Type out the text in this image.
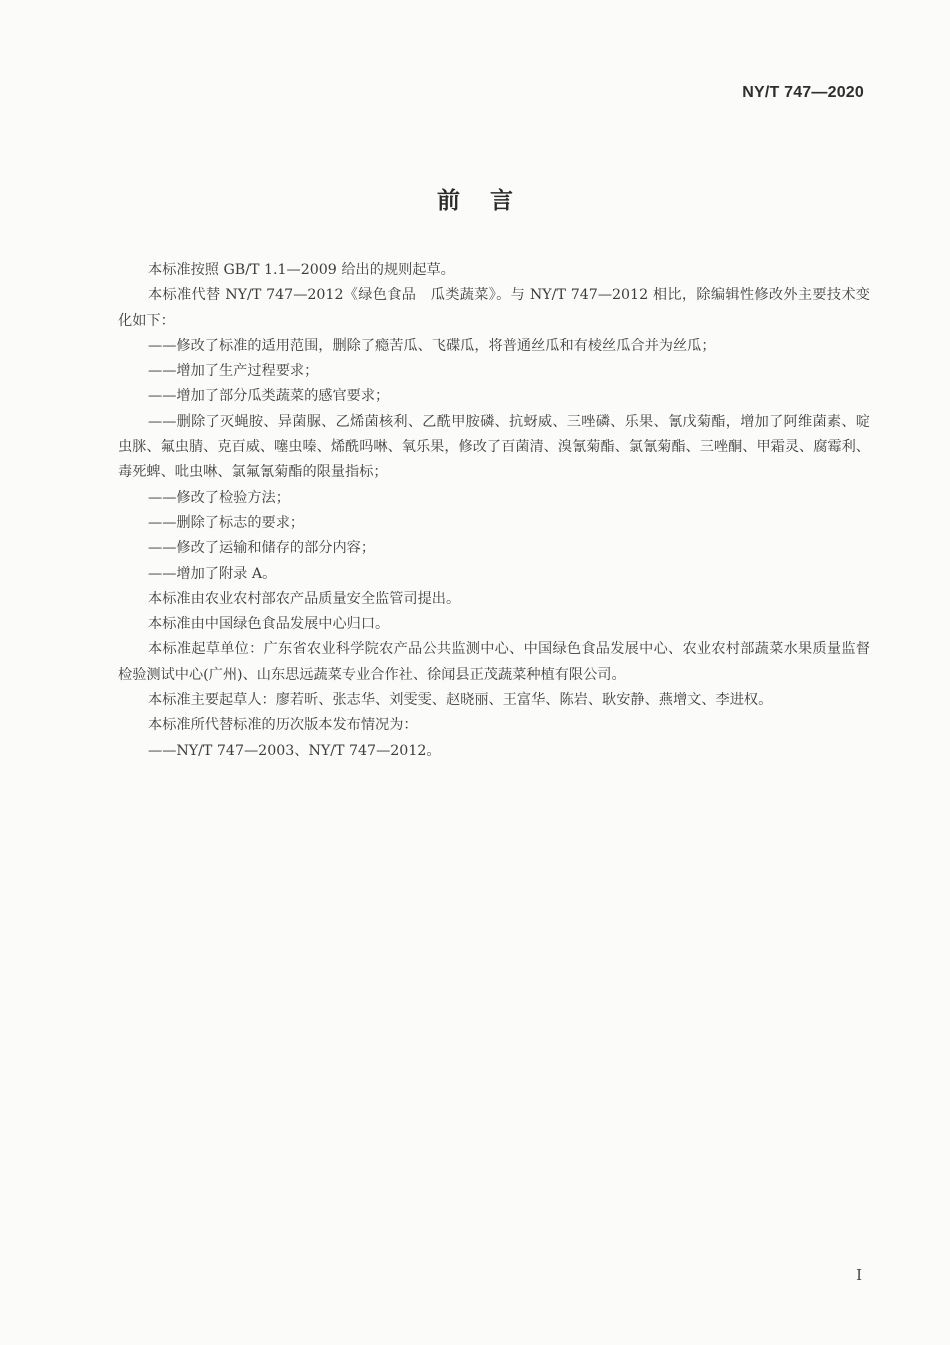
NY/T 747—2020
前言

本标准按照 GB/T 1.1—2009 给出的规则起草。

本标准代替 NY/T 747—2012《绿色食品　瓜类蔬菜》。与 NY/T 747—2012 相比，除编辑性修改外主要技术变化如下：

——修改了标准的适用范围，删除了瘾苦瓜、飞碟瓜，将普通丝瓜和有棱丝瓜合并为丝瓜；

——增加了生产过程要求；

——增加了部分瓜类蔬菜的感官要求；

——删除了灭蝇胺、异菌脲、乙烯菌核利、乙酰甲胺磷、抗蚜威、三唑磷、乐果、氰戊菊酯，增加了阿维菌素、啶虫脒、氟虫腈、克百威、噻虫嗪、烯酰吗啉、氧乐果，修改了百菌清、溴氰菊酯、氯氰菊酯、三唑酮、甲霜灵、腐霉利、毒死蜱、吡虫啉、氯氟氰菊酯的限量指标；

——修改了检验方法；

——删除了标志的要求；

——修改了运输和储存的部分内容；

——增加了附录 A。

本标准由农业农村部农产品质量安全监管司提出。

本标准由中国绿色食品发展中心归口。

本标准起草单位：广东省农业科学院农产品公共监测中心、中国绿色食品发展中心、农业农村部蔬菜水果质量监督检验测试中心(广州)、山东思远蔬菜专业合作社、徐闻县正茂蔬菜种植有限公司。

本标准主要起草人：廖若昕、张志华、刘雯雯、赵晓丽、王富华、陈岩、耿安静、燕增文、李进权。

本标准所代替标准的历次版本发布情况为：

——NY/T 747—2003、NY/T 747—2012。

I
